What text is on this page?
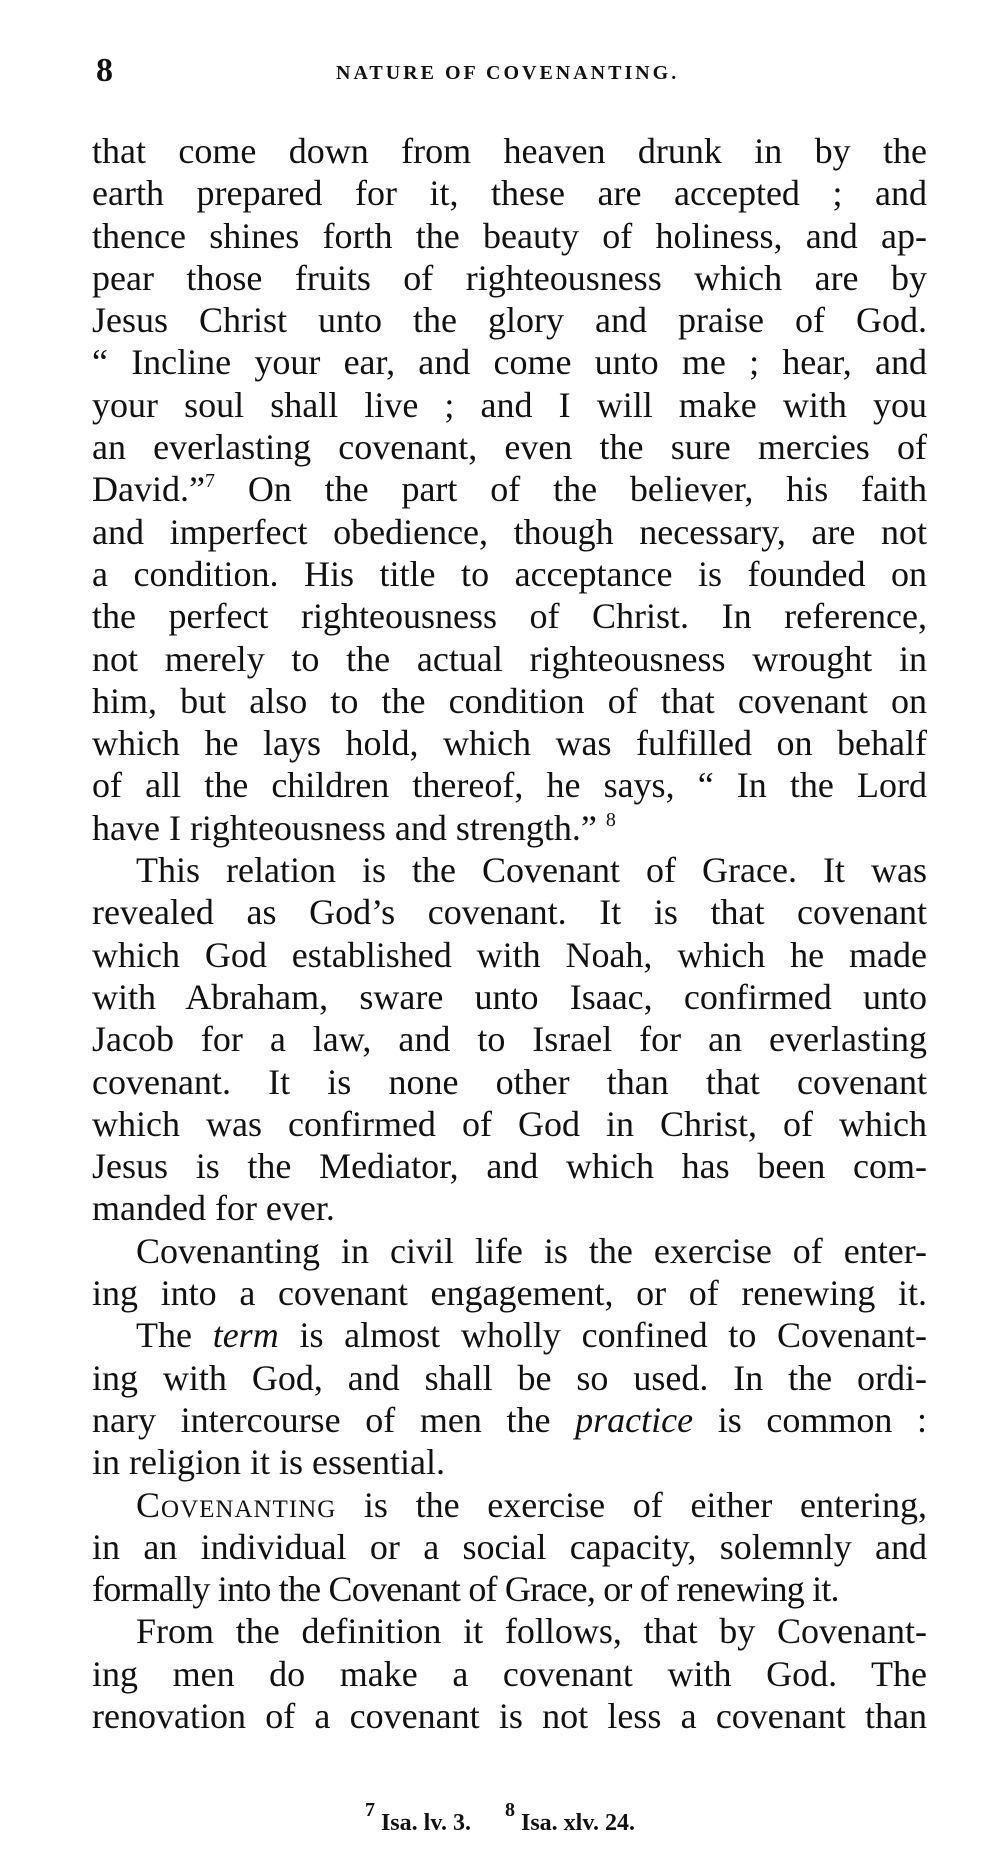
8	NATURE OF COVENANTING.
that come down from heaven drunk in by the
earth prepared for it, these are accepted ; and
thence shines forth the beauty of holiness, and ap-
pear those fruits of righteousness which are by
Jesus Christ unto the glory and praise of God.
“ Incline your ear, and come unto me ; hear, and
your soul shall live ; and I will make with you
an everlasting covenant, even the sure mercies of
David.”$^7$ On the part of the believer, his faith
and imperfect obedience, though necessary, are not
a condition. His title to acceptance is founded on
the perfect righteousness of Christ. In reference,
not merely to the actual righteousness wrought in
him, but also to the condition of that covenant on
which he lays hold, which was fulfilled on behalf
of all the children thereof, he says, “ In the Lord
have I righteousness and strength.” $^8$
This relation is the Covenant of Grace. It was
revealed as God’s covenant. It is that covenant
which God established with Noah, which he made
with Abraham, sware unto Isaac, confirmed unto
Jacob for a law, and to Israel for an everlasting
covenant. It is none other than that covenant
which was confirmed of God in Christ, of which
Jesus is the Mediator, and which has been com-
manded for ever.
Covenanting in civil life is the exercise of enter-
ing into a covenant engagement, or of renewing it.
The term is almost wholly confined to Covenant-
ing with God, and shall be so used. In the ordi-
nary intercourse of men the practice is common :
in religion it is essential.
Covenanting is the exercise of either entering,
in an individual or a social capacity, solemnly and
formally into the Covenant of Grace, or of renewing it.
From the definition it follows, that by Covenant-
ing men do make a covenant with God. The
renovation of a covenant is not less a covenant than
$^7$ Isa. lv. 3. $^8$ Isa. xlv. 24.
